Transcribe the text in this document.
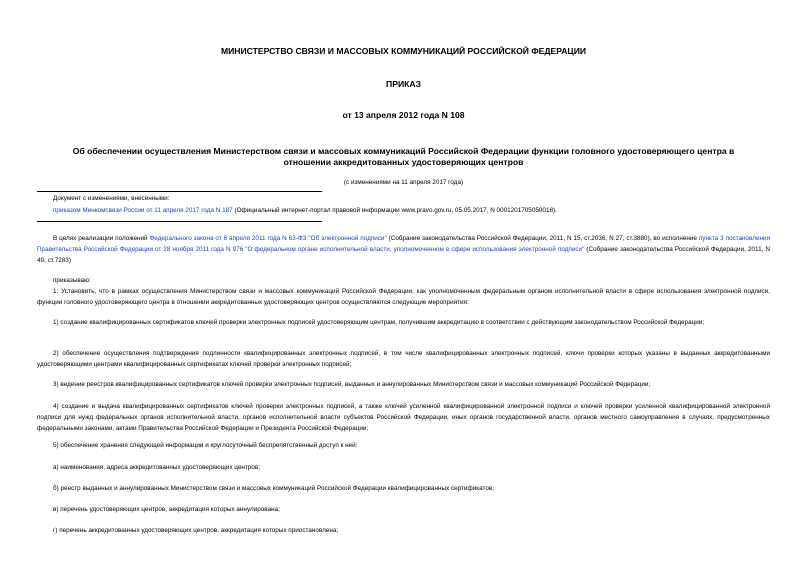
МИНИСТЕРСТВО СВЯЗИ И МАССОВЫХ КОММУНИКАЦИЙ РОССИЙСКОЙ ФЕДЕРАЦИИ
ПРИКАЗ
от 13 апреля 2012 года N 108
Об обеспечении осуществления Министерством связи и массовых коммуникаций Российской Федерации функции головного удостоверяющего центра в
отношении аккредитованных удостоверяющих центров
(с изменениями на 11 апреля 2017 года)
Документ с изменениями, внесенными:
приказом Минкомсвязи России от 11 апреля 2017 года N 187 (Официальный интернет-портал правовой информации www.pravo.gov.ru, 05.05.2017, N 0001201705050018).
В целях реализации положений Федерального закона от 6 апреля 2011 года N 63-ФЗ "Об электронной подписи" (Собрание законодательства Российской Федерации, 2011, N 15, ст.2036, N 27, ст.3880), во исполнение пункта 3 постановления Правительства Российской Федерации от 28 ноября 2011 года N 976 "О федеральном органе исполнительной власти, уполномоченном в сфере использования электронной подписи" (Собрание законодательства Российской Федерации, 2011, N 49, ст.7283)
приказываю:
1. Установить, что в рамках осуществления Министерством связи и массовых коммуникаций Российской Федерации, как уполномоченным федеральным органом исполнительной власти в сфере использования электронной подписи, функции головного удостоверяющего центра в отношении аккредитованных удостоверяющих центров осуществляются следующие мероприятия:
1) создание квалифицированных сертификатов ключей проверки электронных подписей удостоверяющим центрам, получившим аккредитацию в соответствии с действующим законодательством Российской Федерации;
2) обеспечение осуществления подтверждения подлинности квалифицированных электронных подписей, в том числе квалифицированных электронных подписей, ключи проверки которых указаны в выданных аккредитованными удостоверяющими центрами квалифицированных сертификатах ключей проверки электронных подписей;
3) ведение реестров квалифицированных сертификатов ключей проверки электронных подписей, выданных и аннулированных Министерством связи и массовых коммуникаций Российской Федерации;
4) создание и выдача квалифицированных сертификатов ключей проверки электронных подписей, а также ключей усиленной квалифицированной электронной подписи и ключей проверки усиленной квалифицированной электронной подписи для нужд федеральных органов исполнительной власти, органов исполнительной власти субъектов Российской Федерации, иных органов государственной власти, органов местного самоуправления в случаях, предусмотренных федеральными законами, актами Правительства Российской Федерации и Президента Российской Федерации;
5) обеспечение хранения следующей информации и круглосуточный беспрепятственный доступ к ней:
а) наименования, адреса аккредитованных удостоверяющих центров;
б) реестр выданных и аннулированных Министерством связи и массовых коммуникаций Российской Федерации квалифицированных сертификатов;
в) перечень удостоверяющих центров, аккредитация которых аннулирована;
г) перечень аккредитованных удостоверяющих центров, аккредитация которых приостановлена;
